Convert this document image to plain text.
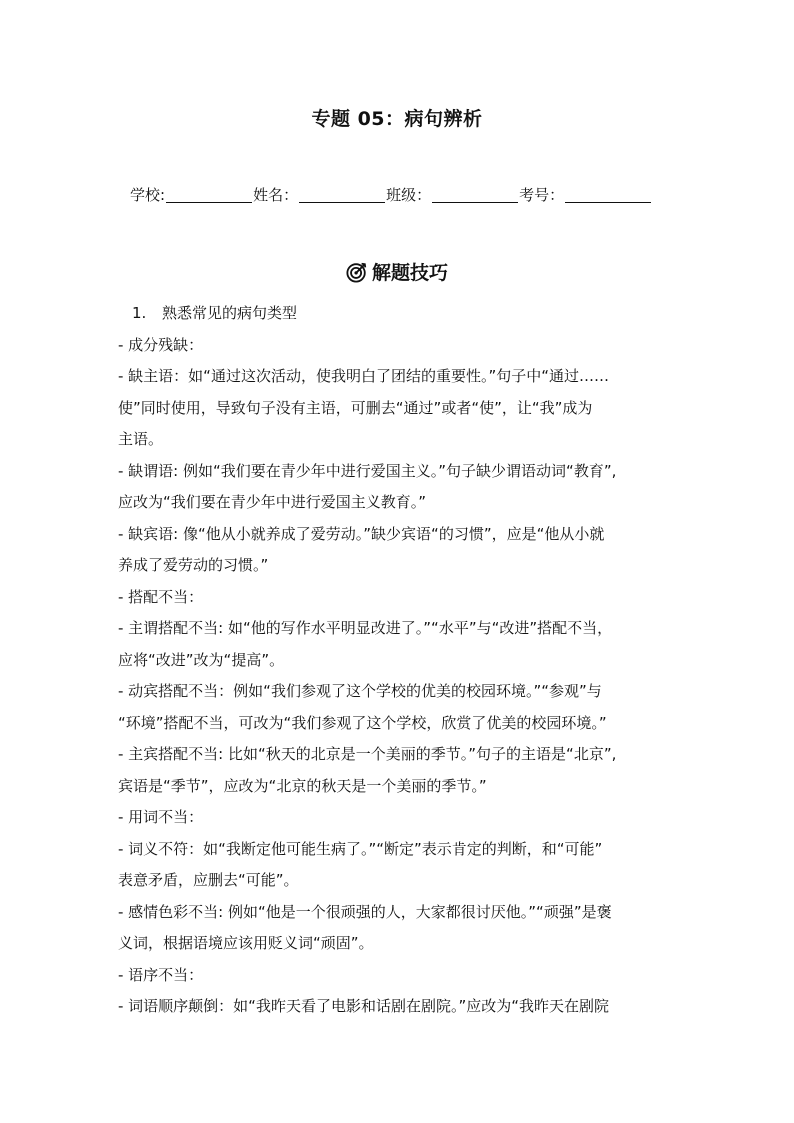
专题 05：病句辨析
学校:	姓名：	班级：	考号：
解题技巧
1. 熟悉常见的病句类型
- 成分残缺：
- 缺主语：如“通过这次活动，使我明白了团结的重要性。”句子中“通过……
使”同时使用，导致句子没有主语，可删去“通过”或者“使”，让“我”成为
主语。
- 缺谓语: 例如“我们要在青少年中进行爱国主义。”句子缺少谓语动词“教育”,
应改为“我们要在青少年中进行爱国主义教育。”
- 缺宾语: 像“他从小就养成了爱劳动。”缺少宾语“的习惯”，应是“他从小就
养成了爱劳动的习惯。”
- 搭配不当：
- 主谓搭配不当: 如“他的写作水平明显改进了。”“水平”与“改进”搭配不当，
应将“改进”改为“提高”。
- 动宾搭配不当：例如“我们参观了这个学校的优美的校园环境。”“参观”与
“环境”搭配不当，可改为“我们参观了这个学校，欣赏了优美的校园环境。”
- 主宾搭配不当: 比如“秋天的北京是一个美丽的季节。”句子的主语是“北京”,
宾语是“季节”，应改为“北京的秋天是一个美丽的季节。”
- 用词不当：
- 词义不符：如“我断定他可能生病了。”“断定”表示肯定的判断，和“可能”
表意矛盾，应删去“可能”。
- 感情色彩不当: 例如“他是一个很顽强的人，大家都很讨厌他。”“顽强”是褒
义词，根据语境应该用贬义词“顽固”。
- 语序不当：
- 词语顺序颠倒：如“我昨天看了电影和话剧在剧院。”应改为“我昨天在剧院
